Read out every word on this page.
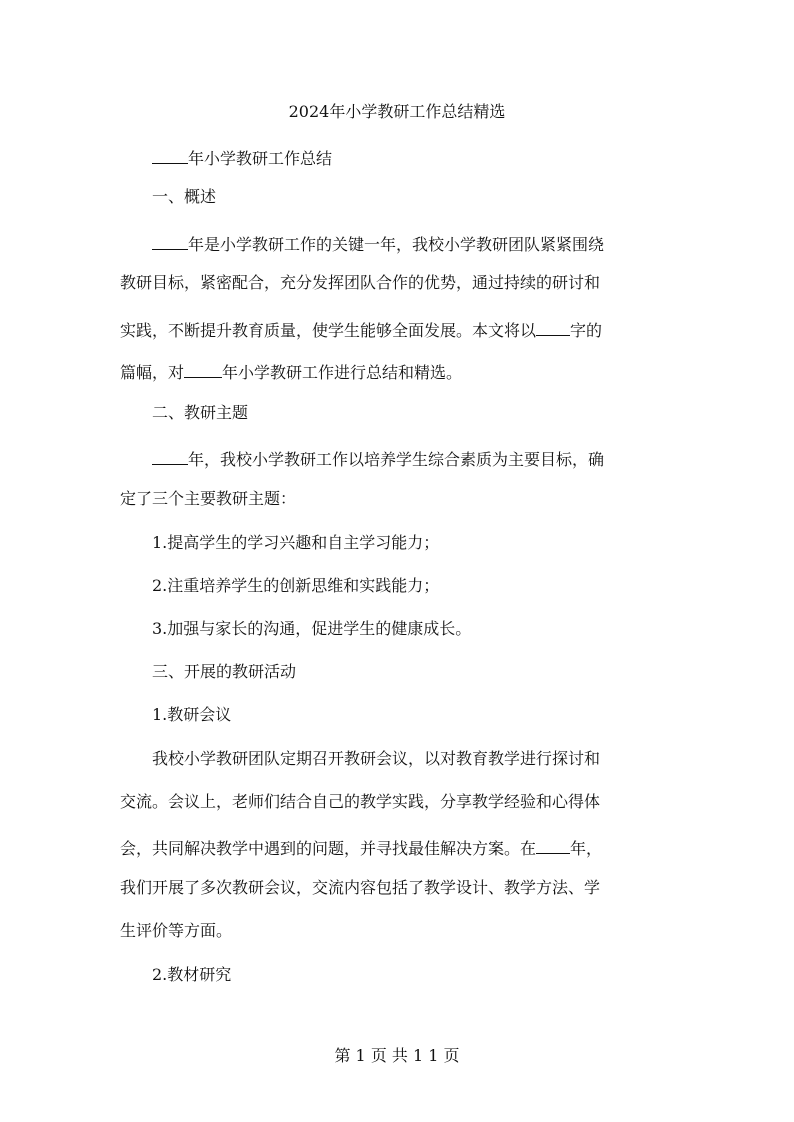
2024年小学教研工作总结精选
年小学教研工作总结
一、概述
年是小学教研工作的关键一年，我校小学教研团队紧紧围绕
教研目标，紧密配合，充分发挥团队合作的优势，通过持续的研讨和
实践，不断提升教育质量，使学生能够全面发展。本文将以 字的
篇幅，对 年小学教研工作进行总结和精选。
二、教研主题
年，我校小学教研工作以培养学生综合素质为主要目标，确
定了三个主要教研主题：
1.提高学生的学习兴趣和自主学习能力；
2.注重培养学生的创新思维和实践能力；
3.加强与家长的沟通，促进学生的健康成长。
三、开展的教研活动
1.教研会议
我校小学教研团队定期召开教研会议，以对教育教学进行探讨和
交流。会议上，老师们结合自己的教学实践，分享教学经验和心得体
会，共同解决教学中遇到的问题，并寻找最佳解决方案。在 年，
我们开展了多次教研会议，交流内容包括了教学设计、教学方法、学
生评价等方面。
2.教材研究
第 1 页 共 1 1 页
